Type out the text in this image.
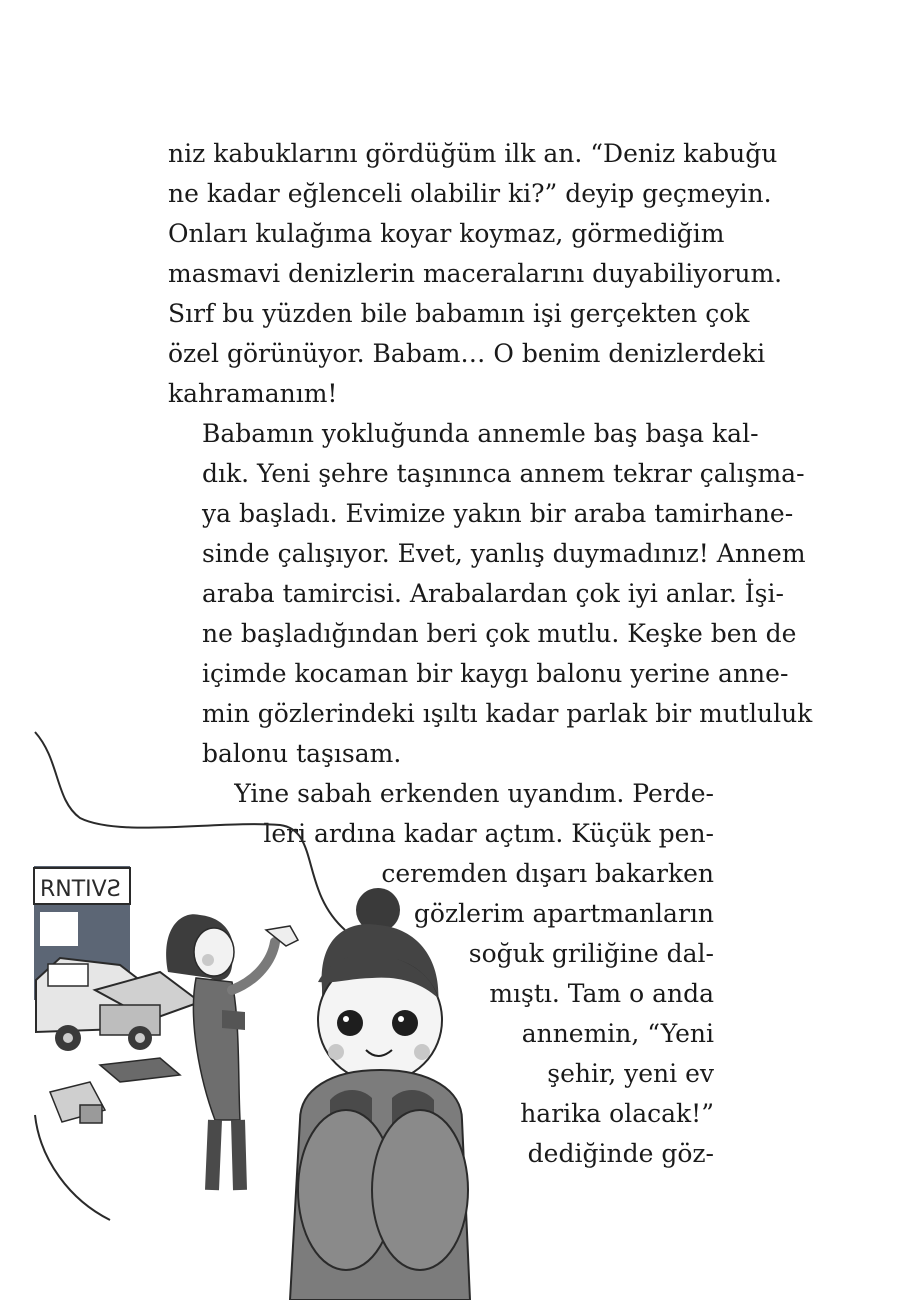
niz kabuklarını gördüğüm ilk an. “Deniz kabuğu
ne kadar eğlenceli olabilir ki?” deyip geçmeyin.
Onları kulağıma koyar koymaz, görmediğim
masmavi denizlerin maceralarını duyabiliyorum.
Sırf bu yüzden bile babamın işi gerçekten çok
özel görünüyor. Babam… O benim denizlerdeki
kahramanım!

Babamın yokluğunda annemle baş başa kal-
dık. Yeni şehre taşınınca annem tekrar çalışma-
ya başladı. Evimize yakın bir araba tamirhane-
sinde çalışıyor. Evet, yanlış duymadınız! Annem
araba tamircisi. Arabalardan çok iyi anlar. İşi-
ne başladığından beri çok mutlu. Keşke ben de
içimde kocaman bir kaygı balonu yerine anne-
min gözlerindeki ışıltı kadar parlak bir mutluluk
balonu taşısam.

Yine sabah erkenden uyandım. Perde-
leri ardına kadar açtım. Küçük pen-
ceremden dışarı bakarken
gözlerim apartmanların
soğuk griliğine dal-
mıştı. Tam o anda
annemin, “Yeni
şehir, yeni ev
harika olacak!”
dediğinde göz-
RNTIVƧ
